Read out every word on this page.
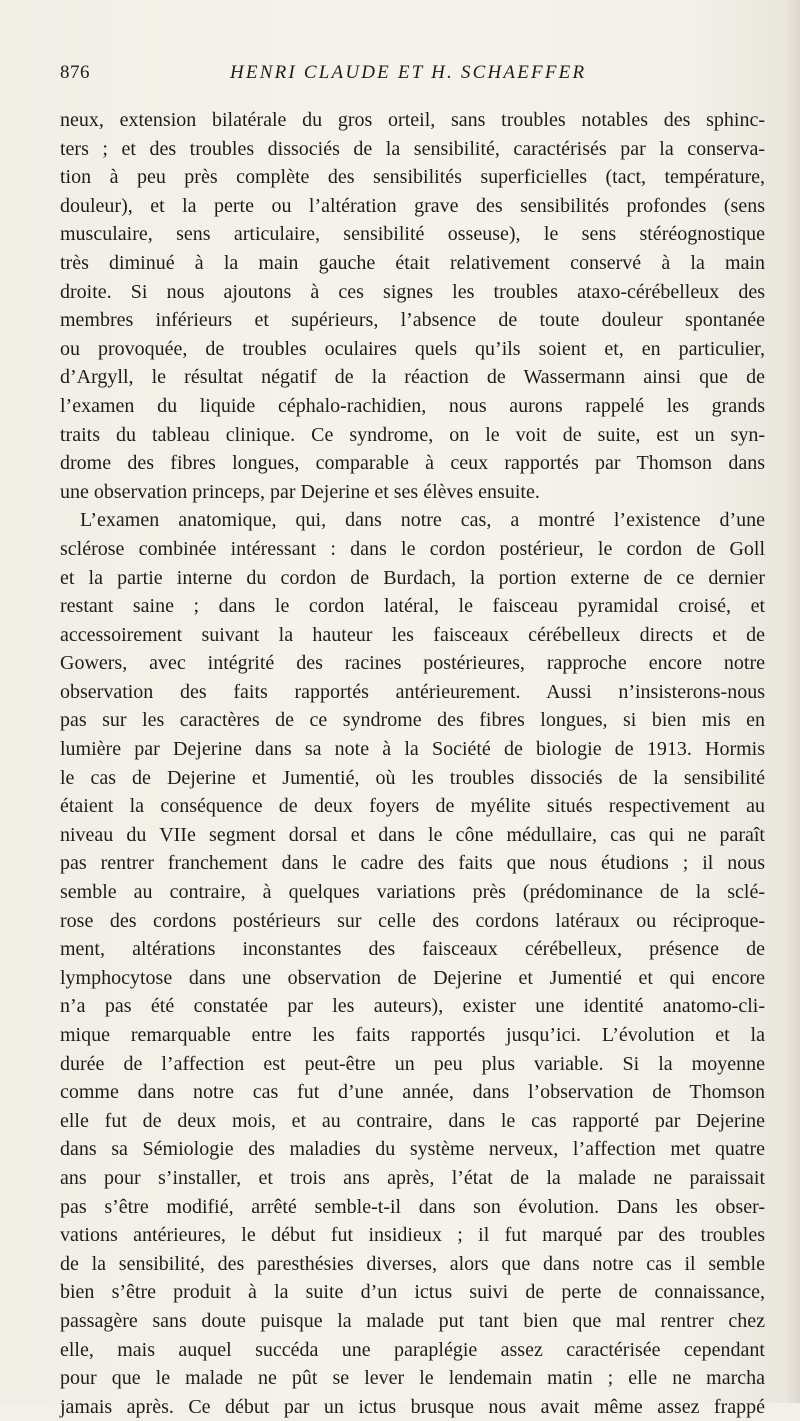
876	HENRI CLAUDE ET H. SCHAEFFER
neux, extension bilatérale du gros orteil, sans troubles notables des sphinc-
ters ; et des troubles dissociés de la sensibilité, caractérisés par la conserva-
tion à peu près complète des sensibilités superficielles (tact, température,
douleur), et la perte ou l’altération grave des sensibilités profondes (sens
musculaire, sens articulaire, sensibilité osseuse), le sens stéréognostique
très diminué à la main gauche était relativement conservé à la main
droite. Si nous ajoutons à ces signes les troubles ataxo-cérébelleux des
membres inférieurs et supérieurs, l’absence de toute douleur spontanée
ou provoquée, de troubles oculaires quels qu’ils soient et, en particulier,
d’Argyll, le résultat négatif de la réaction de Wassermann ainsi que de
l’examen du liquide céphalo-rachidien, nous aurons rappelé les grands
traits du tableau clinique. Ce syndrome, on le voit de suite, est un syn-
drome des fibres longues, comparable à ceux rapportés par Thomson dans
une observation princeps, par Dejerine et ses élèves ensuite.
L’examen anatomique, qui, dans notre cas, a montré l’existence d’une
sclérose combinée intéressant : dans le cordon postérieur, le cordon de Goll
et la partie interne du cordon de Burdach, la portion externe de ce dernier
restant saine ; dans le cordon latéral, le faisceau pyramidal croisé, et
accessoirement suivant la hauteur les faisceaux cérébelleux directs et de
Gowers, avec intégrité des racines postérieures, rapproche encore notre
observation des faits rapportés antérieurement. Aussi n’insisterons-nous
pas sur les caractères de ce syndrome des fibres longues, si bien mis en
lumière par Dejerine dans sa note à la Société de biologie de 1913. Hormis
le cas de Dejerine et Jumentié, où les troubles dissociés de la sensibilité
étaient la conséquence de deux foyers de myélite situés respectivement au
niveau du VIIe segment dorsal et dans le cône médullaire, cas qui ne paraît
pas rentrer franchement dans le cadre des faits que nous étudions ; il nous
semble au contraire, à quelques variations près (prédominance de la sclé-
rose des cordons postérieurs sur celle des cordons latéraux ou réciproque-
ment, altérations inconstantes des faisceaux cérébelleux, présence de
lymphocytose dans une observation de Dejerine et Jumentié et qui encore
n’a pas été constatée par les auteurs), exister une identité anatomo-cli-
mique remarquable entre les faits rapportés jusqu’ici. L’évolution et la
durée de l’affection est peut-être un peu plus variable. Si la moyenne
comme dans notre cas fut d’une année, dans l’observation de Thomson
elle fut de deux mois, et au contraire, dans le cas rapporté par Dejerine
dans sa Sémiologie des maladies du système nerveux, l’affection met quatre
ans pour s’installer, et trois ans après, l’état de la malade ne paraissait
pas s’être modifié, arrêté semble-t-il dans son évolution. Dans les obser-
vations antérieures, le début fut insidieux ; il fut marqué par des troubles
de la sensibilité, des paresthésies diverses, alors que dans notre cas il semble
bien s’être produit à la suite d’un ictus suivi de perte de connaissance,
passagère sans doute puisque la malade put tant bien que mal rentrer chez
elle, mais auquel succéda une paraplégie assez caractérisée cependant
pour que le malade ne pût se lever le lendemain matin ; elle ne marcha
jamais après. Ce début par un ictus brusque nous avait même assez frappé
